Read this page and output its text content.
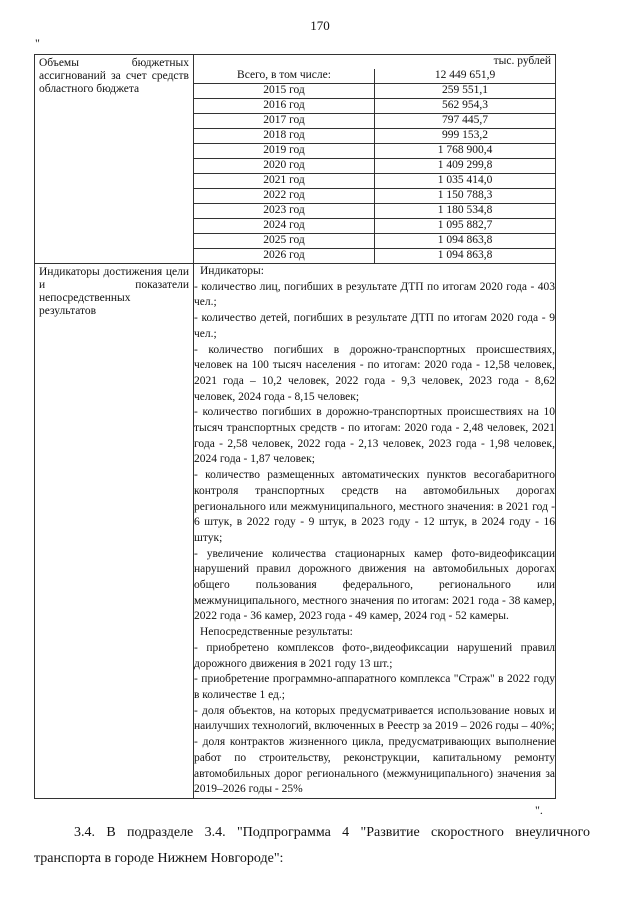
170
"
Объемы бюджетных ассигнований за счет средств областного бюджета	
тыс. рублей
Всего, в том числе:	12 449 651,9
2015 год	259 551,1
2016 год	562 954,3
2017 год	797 445,7
2018 год	999 153,2
2019 год	1 768 900,4
2020 год	1 409 299,8
2021 год	1 035 414,0
2022 год	1 150 788,3
2023 год	1 180 534,8
2024 год	1 095 882,7
2025 год	1 094 863,8
2026 год	1 094 863,8

Индикаторы достижения цели и показатели непосредственных результатов	

Индикаторы:

- количество лиц, погибших в результате ДТП по итогам 2020 года - 403 чел.;

- количество детей, погибших в результате ДТП по итогам 2020 года - 9 чел.;

- количество погибших в дорожно-транспортных происшествиях, человек на 100 тысяч населения - по итогам: 2020 года - 12,58 человек, 2021 года – 10,2 человек, 2022 года - 9,3 человек, 2023 года - 8,62 человек, 2024 года - 8,15 человек;

- количество погибших в дорожно-транспортных происшествиях на 10 тысяч транспортных средств - по итогам: 2020 года - 2,48 человек, 2021 года - 2,58 человек, 2022 года - 2,13 человек, 2023 года - 1,98 человек, 2024 года - 1,87 человек;

- количество размещенных автоматических пунктов весогабаритного контроля транспортных средств на автомобильных дорогах регионального или межмуниципального, местного значения: в 2021 год - 6 штук, в 2022 году - 9 штук, в 2023 году - 12 штук, в 2024 году - 16 штук;

- увеличение количества стационарных камер фото-видеофиксации нарушений правил дорожного движения на автомобильных дорогах общего пользования федерального, регионального или межмуниципального, местного значения по итогам: 2021 года - 38 камер, 2022 года - 36 камер, 2023 года - 49 камер, 2024 год - 52 камеры.

Непосредственные результаты:

- приобретено комплексов фото-,видеофиксации нарушений правил дорожного движения в 2021 году 13 шт.;

- приобретение программно-аппаратного комплекса "Страж" в 2022 году в количестве 1 ед.;

- доля объектов, на которых предусматривается использование новых и наилучших технологий, включенных в Реестр за 2019 – 2026 годы – 40%;

- доля контрактов жизненного цикла, предусматривающих выполнение работ по строительству, реконструкции, капитальному ремонту автомобильных дорог регионального (межмуниципального) значения за 2019–2026 годы - 25%

".
3.4. В подразделе 3.4. "Подпрограмма 4 "Развитие скоростного внеуличного транспорта в городе Нижнем Новгороде":
